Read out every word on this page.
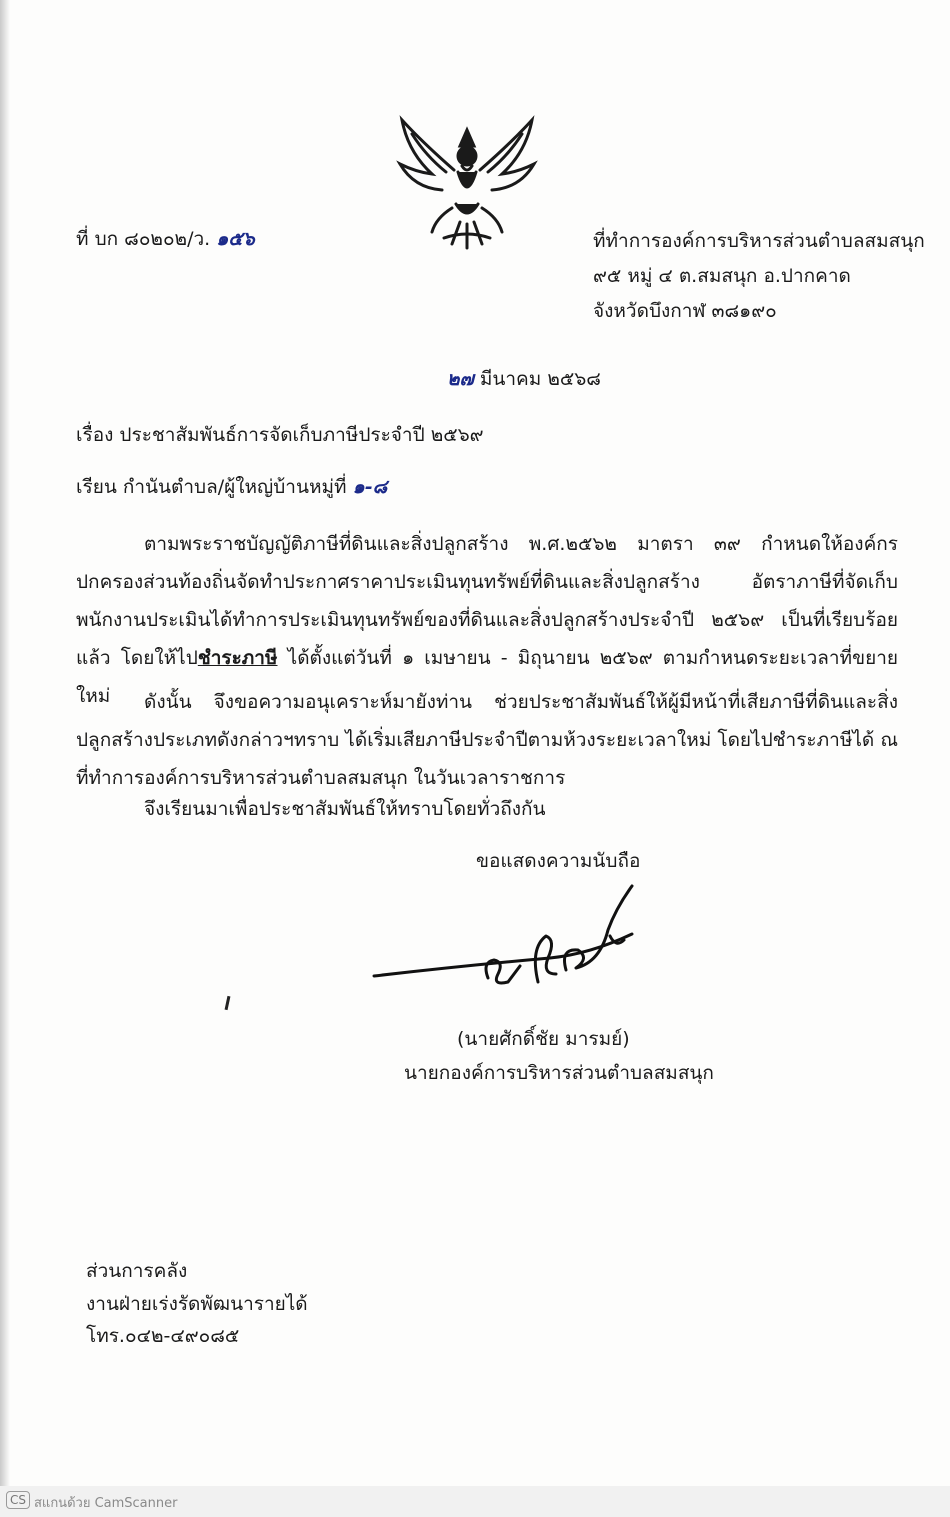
ที่ บก ๘๐๒๐๒/ว. ๑๕๖	ที่ทำการองค์การบริหารส่วนตำบลสมสนุก
๙๕ หมู่ ๔ ต.สมสนุก อ.ปากคาด
จังหวัดบึงกาฬ ๓๘๑๙๐
๒๗ มีนาคม ๒๕๖๘
เรื่อง ประชาสัมพันธ์การจัดเก็บภาษีประจำปี ๒๕๖๙
เรียน กำนันตำบล/ผู้ใหญ่บ้านหมู่ที่ ๑-๘

ตามพระราชบัญญัติภาษีที่ดินและสิ่งปลูกสร้าง พ.ศ.๒๕๖๒ มาตรา ๓๙ กำหนดให้องค์กรปกครองส่วนท้องถิ่นจัดทำประกาศราคาประเมินทุนทรัพย์ที่ดินและสิ่งปลูกสร้าง อัตราภาษีที่จัดเก็บ พนักงานประเมินได้ทำการประเมินทุนทรัพย์ของที่ดินและสิ่งปลูกสร้างประจำปี ๒๕๖๙ เป็นที่เรียบร้อยแล้ว โดยให้ไปชำระภาษี ได้ตั้งแต่วันที่ ๑ เมษายน - มิถุนายน ๒๕๖๙ ตามกำหนดระยะเวลาที่ขยายใหม่	ดังนั้น จึงขอความอนุเคราะห์มายังท่าน ช่วยประชาสัมพันธ์ให้ผู้มีหน้าที่เสียภาษีที่ดินและสิ่งปลูกสร้างประเภทดังกล่าวฯทราบ ได้เริ่มเสียภาษีประจำปีตามห้วงระยะเวลาใหม่ โดยไปชำระภาษีได้ ณ ที่ทำการองค์การบริหารส่วนตำบลสมสนุก ในวันเวลาราชการ

จึงเรียนมาเพื่อประชาสัมพันธ์ให้ทราบโดยทั่วถึงกัน
ขอแสดงความนับถือ
(นายศักดิ์ชัย มารมย์)
นายกองค์การบริหารส่วนตำบลสมสนุก
ส่วนการคลัง
งานฝ่ายเร่งรัดพัฒนารายได้
โทร.๐๔๒-๔๙๐๘๕
CS สแกนด้วย CamScanner
